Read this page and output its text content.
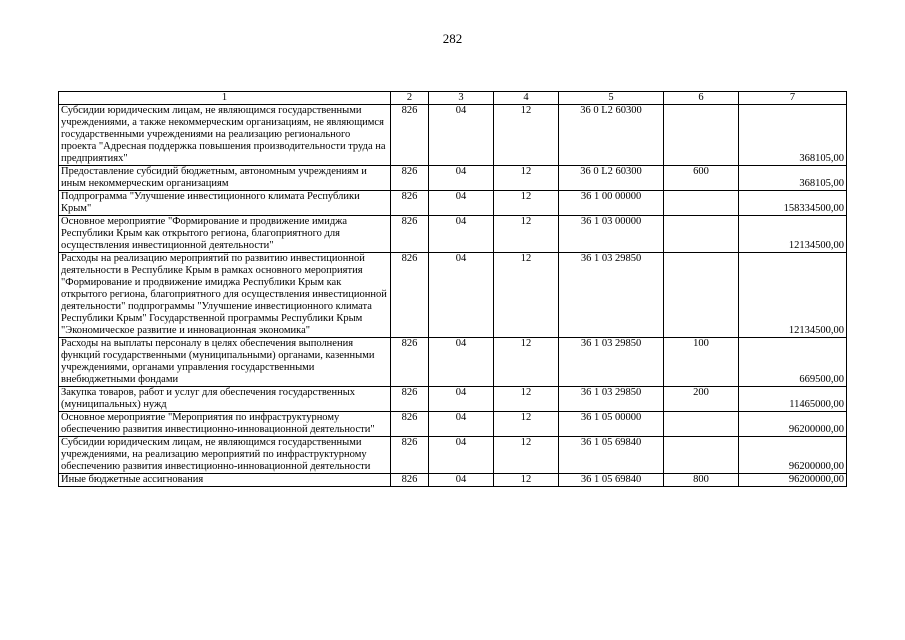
282
1	2	3	4	5	6	7
Субсидии юридическим лицам, не являющимся государственными учреждениями, а также некоммерческим организациям, не являющимся государственными учреждениями на реализацию регионального проекта "Адресная поддержка повышения производительности труда на предприятиях"	826	04	12	36 0 L2 60300		368105,00
Предоставление субсидий бюджетным, автономным учреждениям и иным некоммерческим организациям	826	04	12	36 0 L2 60300	600	368105,00
Подпрограмма "Улучшение инвестиционного климата Республики Крым"	826	04	12	36 1 00 00000		158334500,00
Основное мероприятие "Формирование и продвижение имиджа Республики Крым как открытого региона, благоприятного для осуществления инвестиционной деятельности"	826	04	12	36 1 03 00000		12134500,00
Расходы на реализацию мероприятий по развитию инвестиционной деятельности в Республике Крым в рамках основного мероприятия "Формирование и продвижение имиджа Республики Крым как открытого региона, благоприятного для осуществления инвестиционной деятельности" подпрограммы "Улучшение инвестиционного климата Республики Крым" Государственной программы Республики Крым "Экономическое развитие и инновационная экономика"	826	04	12	36 1 03 29850		12134500,00
Расходы на выплаты персоналу в целях обеспечения выполнения функций государственными (муниципальными) органами, казенными учреждениями, органами управления государственными внебюджетными фондами	826	04	12	36 1 03 29850	100	669500,00
Закупка товаров, работ и услуг для обеспечения государственных (муниципальных) нужд	826	04	12	36 1 03 29850	200	11465000,00
Основное мероприятие "Мероприятия по инфраструктурному обеспечению развития инвестиционно-инновационной деятельности"	826	04	12	36 1 05 00000		96200000,00
Субсидии юридическим лицам, не являющимся государственными учреждениями, на реализацию мероприятий по инфраструктурному обеспечению развития инвестиционно-инновационной деятельности	826	04	12	36 1 05 69840		96200000,00
Иные бюджетные ассигнования	826	04	12	36 1 05 69840	800	96200000,00
